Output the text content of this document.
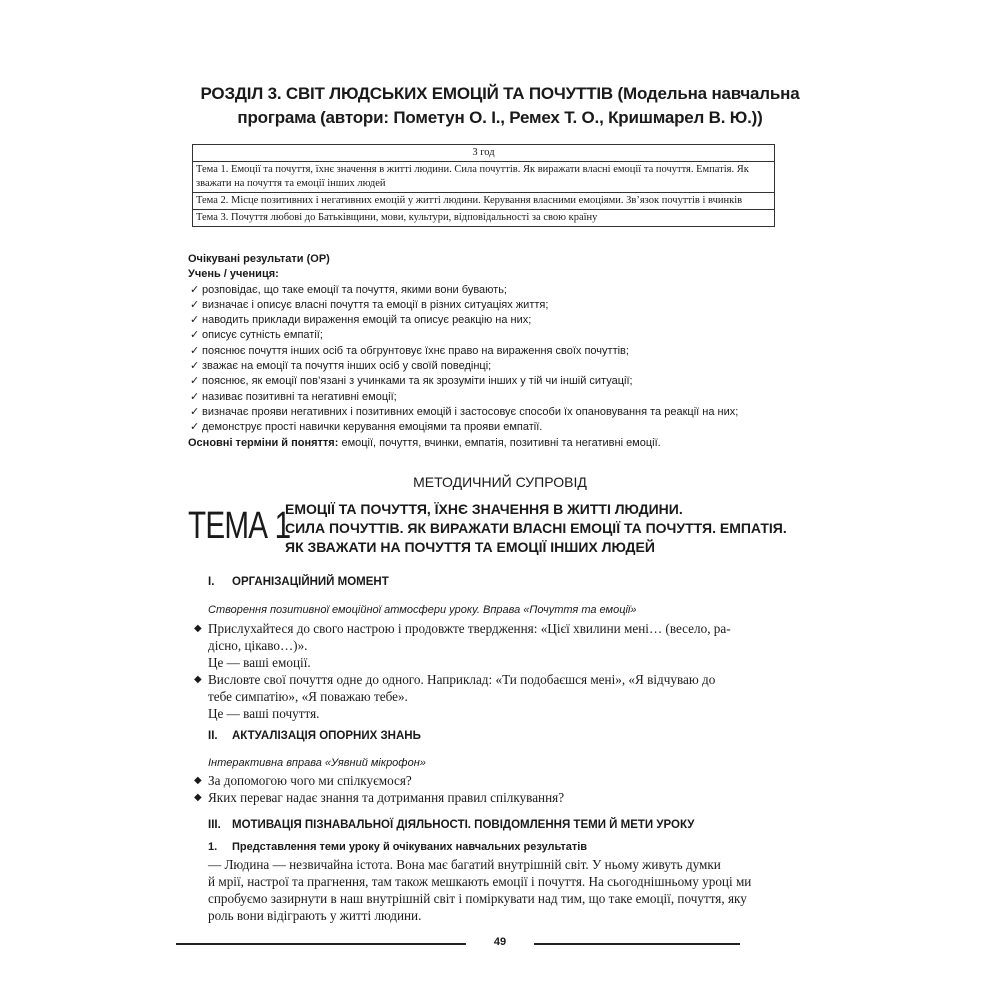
РОЗДІЛ 3. СВІТ ЛЮДСЬКИХ ЕМОЦІЙ ТА ПОЧУТТІВ (Модельна навчальна
програма (автори: Пометун О. І., Ремех Т. О., Кришмарел В. Ю.))
3 год
Тема 1. Емоції та почуття, їхнє значення в житті людини. Сила почуттів. Як виражати власні емоції та почуття. Емпатія. Як зважати на почуття та емоції інших людей
Тема 2. Місце позитивних і негативних емоцій у житті людини. Керування власними емоціями. Зв’язок почуттів і вчинків
Тема 3. Почуття любові до Батьківщини, мови, культури, відповідальності за свою країну
Очікувані результати (ОР)
Учень / учениця:
✓ розповідає, що таке емоції та почуття, якими вони бувають;
✓ визначає і описує власні почуття та емоції в різних ситуаціях життя;
✓ наводить приклади вираження емоцій та описує реакцію на них;
✓ описує сутність емпатії;
✓ пояснює почуття інших осіб та обгрунтовує їхнє право на вираження своїх почуттів;
✓ зважає на емоції та почуття інших осіб у своїй поведінці;
✓ пояснює, як емоції пов’язані з учинками та як зрозуміти інших у тій чи іншій ситуації;
✓ називає позитивні та негативні емоції;
✓ визначає прояви негативних і позитивних емоцій і застосовує способи їх опановування та реакції на них;
✓ демонструє прості навички керування емоціями та прояви емпатії.
Основні терміни й поняття: емоції, почуття, вчинки, емпатія, позитивні та негативні емоції.
МЕТОДИЧНИЙ СУПРОВІД
ТЕМА 1
ЕМОЦІЇ ТА ПОЧУТТЯ, ЇХНЄ ЗНАЧЕННЯ В ЖИТТІ ЛЮДИНИ.
СИЛА ПОЧУТТІВ. ЯК ВИРАЖАТИ ВЛАСНІ ЕМОЦІЇ ТА ПОЧУТТЯ. ЕМПАТІЯ.
ЯК ЗВАЖАТИ НА ПОЧУТТЯ ТА ЕМОЦІЇ ІНШИХ ЛЮДЕЙ
I. ОРГАНІЗАЦІЙНИЙ МОМЕНТ
Створення позитивної емоційної атмосфери уроку. Вправа «Почуття та емоції»
◆ Прислухайтеся до свого настрою і продовжте твердження: «Цієї хвилини мені… (весело, ра-
дісно, цікаво…)».
Це — ваші емоції.
◆ Висловте свої почуття одне до одного. Наприклад: «Ти подобаєшся мені», «Я відчуваю до
тебе симпатію», «Я поважаю тебе».
Це — ваші почуття.
II. АКТУАЛІЗАЦІЯ ОПОРНИХ ЗНАНЬ
Інтерактивна вправа «Уявний мікрофон»
◆ За допомогою чого ми спілкуємося?
◆ Яких переваг надає знання та дотримання правил спілкування?
III. МОТИВАЦІЯ ПІЗНАВАЛЬНОЇ ДІЯЛЬНОСТІ. ПОВІДОМЛЕННЯ ТЕМИ Й МЕТИ УРОКУ
1. Представлення теми уроку й очікуваних навчальних результатів
— Людина — незвичайна істота. Вона має багатий внутрішній світ. У ньому живуть думки
й мрії, настрої та прагнення, там також мешкають емоції і почуття. На сьогоднішньому уроці ми
спробуємо зазирнути в наш внутрішній світ і поміркувати над тим, що таке емоції, почуття, яку
роль вони відіграють у житті людини.
49
